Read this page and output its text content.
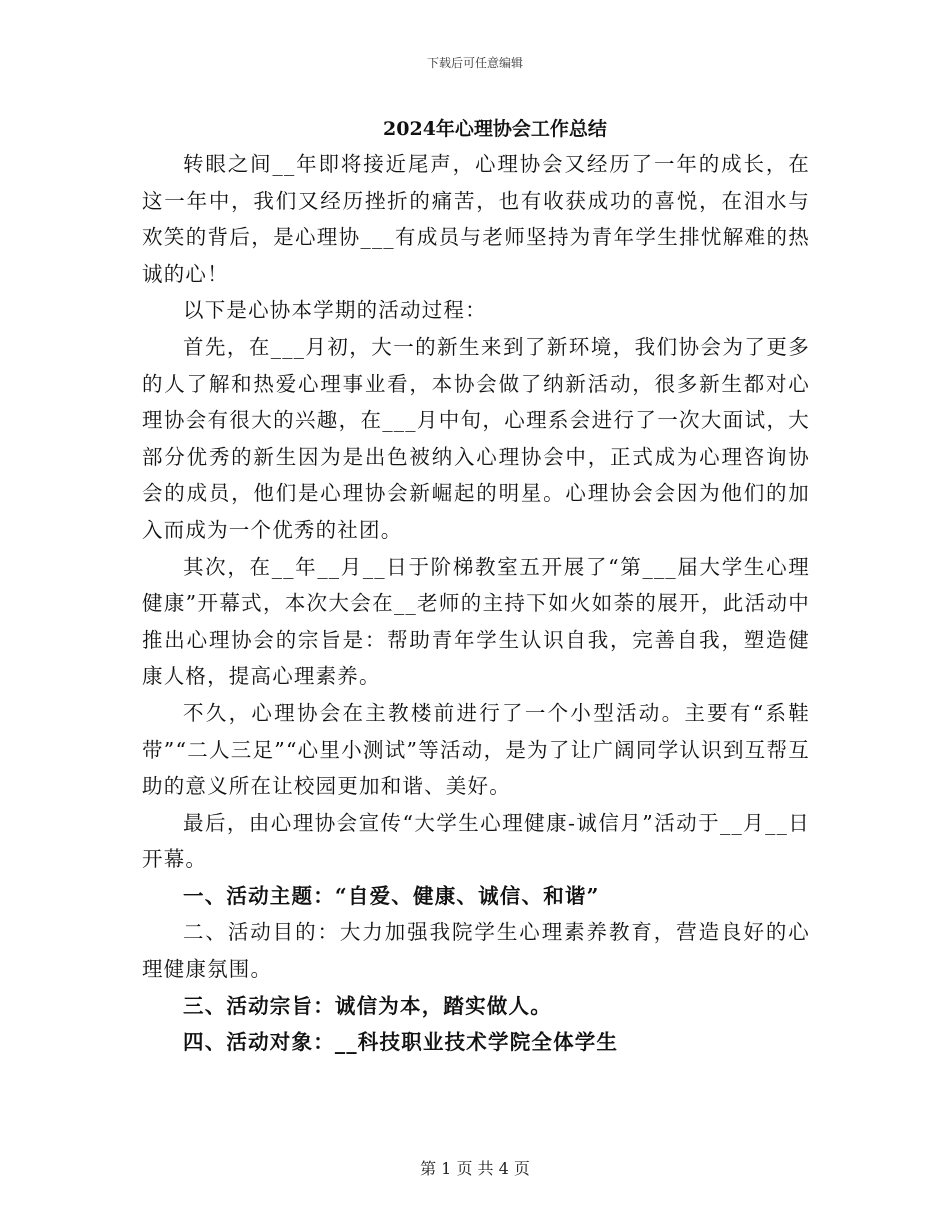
下载后可任意编辑
2024年心理协会工作总结

转眼之间__年即将接近尾声，心理协会又经历了一年的成长，在这一年中，我们又经历挫折的痛苦，也有收获成功的喜悦，在泪水与欢笑的背后，是心理协___有成员与老师坚持为青年学生排忧解难的热诚的心！

以下是心协本学期的活动过程：

首先，在___月初，大一的新生来到了新环境，我们协会为了更多的人了解和热爱心理事业看，本协会做了纳新活动，很多新生都对心理协会有很大的兴趣，在___月中旬，心理系会进行了一次大面试，大部分优秀的新生因为是出色被纳入心理协会中，正式成为心理咨询协会的成员，他们是心理协会新崛起的明星。心理协会会因为他们的加入而成为一个优秀的社团。

其次，在__年__月__日于阶梯教室五开展了“第___届大学生心理健康”开幕式，本次大会在__老师的主持下如火如荼的展开，此活动中推出心理协会的宗旨是：帮助青年学生认识自我，完善自我，塑造健康人格，提高心理素养。

不久，心理协会在主教楼前进行了一个小型活动。主要有“系鞋带”“二人三足”“心里小测试”等活动，是为了让广阔同学认识到互帮互助的意义所在让校园更加和谐、美好。

最后，由心理协会宣传“大学生心理健康-诚信月”活动于__月__日开幕。

一、活动主题：“自爱、健康、诚信、和谐”

二、活动目的：大力加强我院学生心理素养教育，营造良好的心理健康氛围。

三、活动宗旨：诚信为本，踏实做人。

四、活动对象：__科技职业技术学院全体学生

第 1 页 共 4 页
